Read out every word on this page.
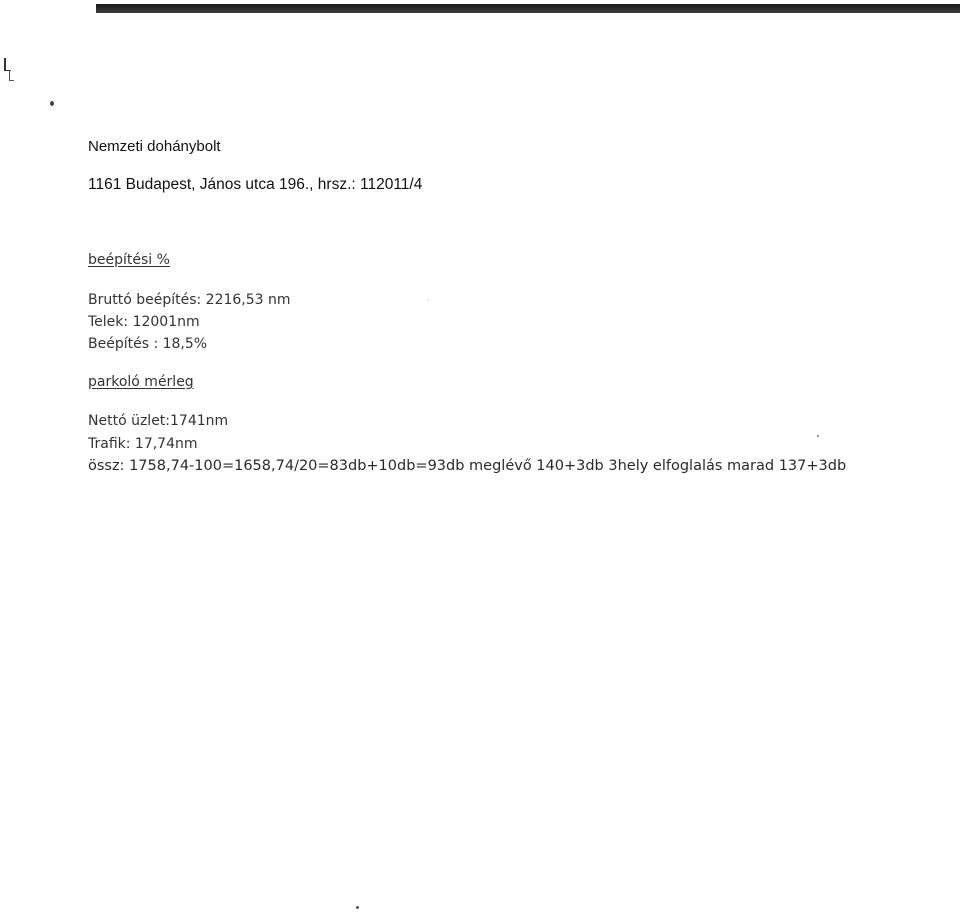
Nemzeti dohánybolt
1161 Budapest, János utca 196., hrsz.: 112011/4
beépítési %
Bruttó beépítés: 2216,53 nm
Telek: 12001nm
Beépítés : 18,5%
parkoló mérleg
Nettó üzlet:1741nm
Trafik: 17,74nm
össz: 1758,74-100=1658,74/20=83db+10db=93db meglévő 140+3db 3hely elfoglalás marad 137+3db
